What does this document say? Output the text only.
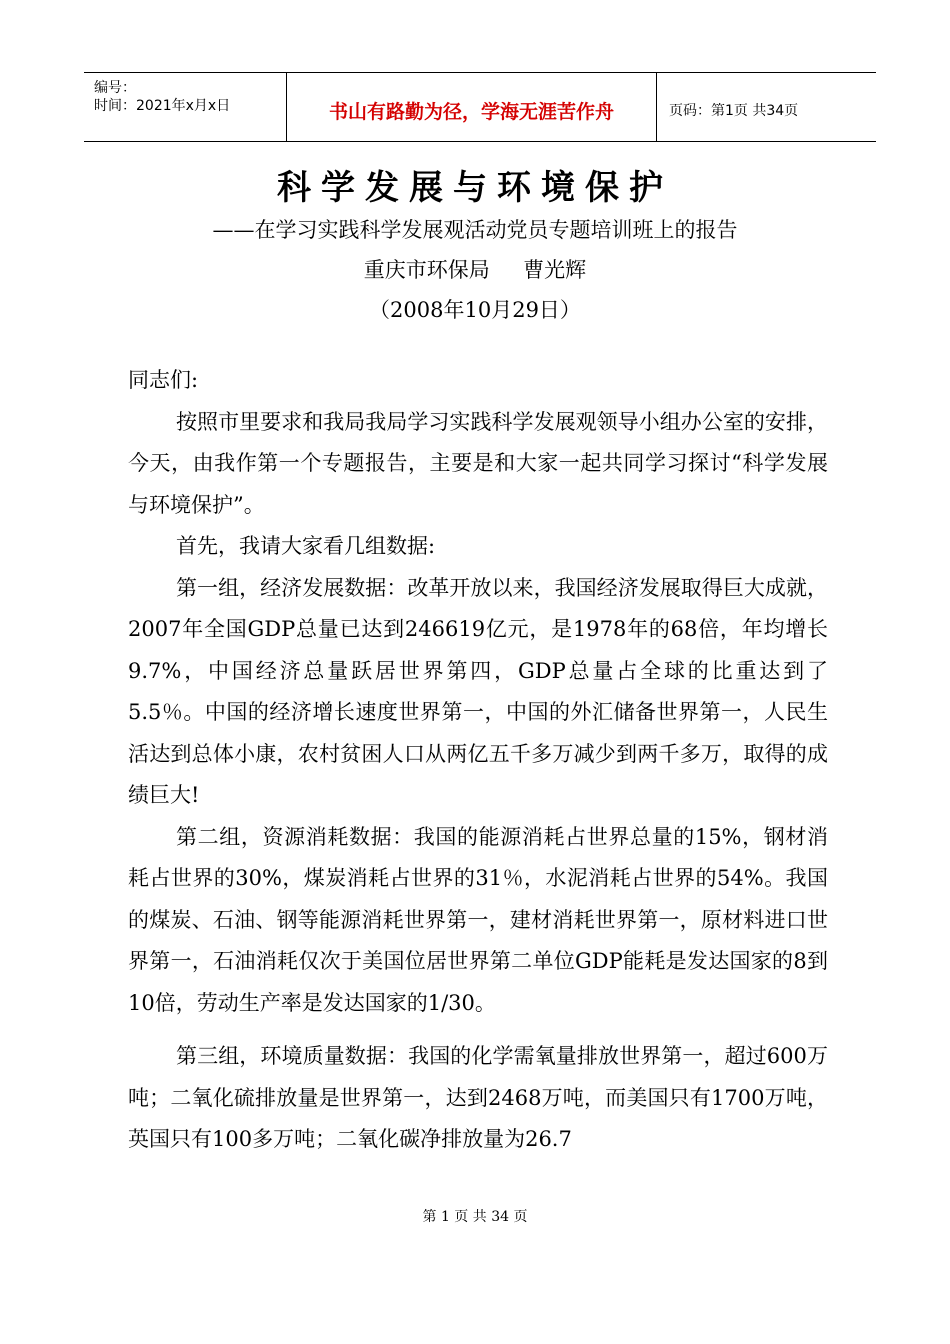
编号：
时间：2021年x月x日	书山有路勤为径，学海无涯苦作舟	页码：第1页 共34页
科学发展与环境保护
——在学习实践科学发展观活动党员专题培训班上的报告
重庆市环保局     曹光辉
（2008年10月29日）

同志们:

按照市里要求和我局我局学习实践科学发展观领导小组办公室的安排，今天，由我作第一个专题报告，主要是和大家一起共同学习探讨“科学发展与环境保护”。

首先，我请大家看几组数据:

第一组，经济发展数据：改革开放以来，我国经济发展取得巨大成就，2007年全国GDP总量已达到246619亿元，是1978年的68倍，年均增长9.7%，中国经济总量跃居世界第四，GDP总量占全球的比重达到了5.5％。中国的经济增长速度世界第一，中国的外汇储备世界第一，人民生活达到总体小康，农村贫困人口从两亿五千多万减少到两千多万，取得的成绩巨大!

第二组，资源消耗数据：我国的能源消耗占世界总量的15%，钢材消耗占世界的30%，煤炭消耗占世界的31％，水泥消耗占世界的54%。我国的煤炭、石油、钢等能源消耗世界第一，建材消耗世界第一，原材料进口世界第一，石油消耗仅次于美国位居世界第二单位GDP能耗是发达国家的8到10倍，劳动生产率是发达国家的1/30。

第三组，环境质量数据：我国的化学需氧量排放世界第一，超过600万吨；二氧化硫排放量是世界第一，达到2468万吨，而美国只有1700万吨，英国只有100多万吨；二氧化碳净排放量为26.7

第 1 页 共 34 页
